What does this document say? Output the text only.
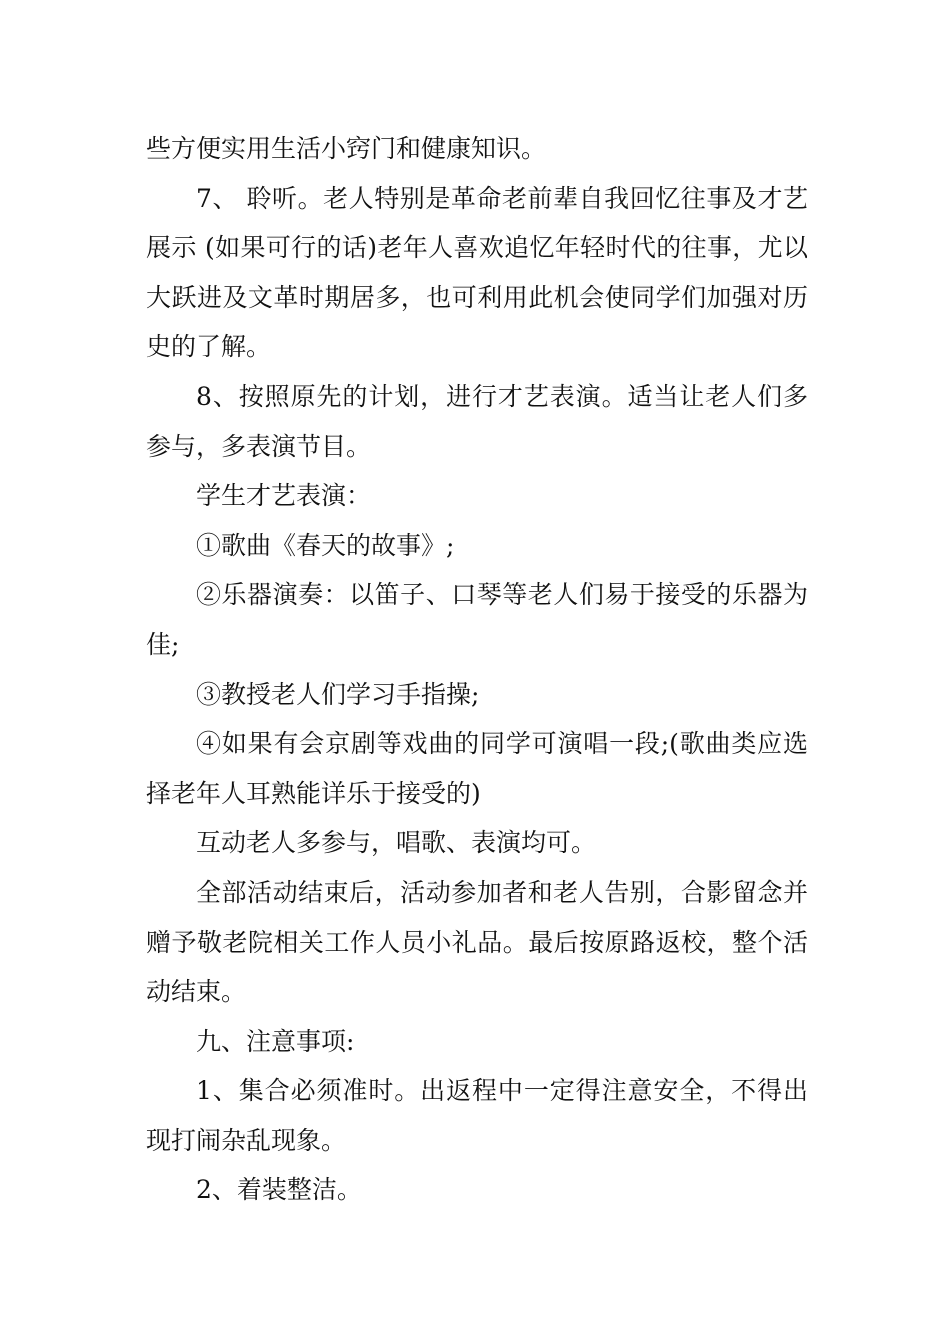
些方便实用生活小窍门和健康知识。

7、 聆听。老人特别是革命老前辈自我回忆往事及才艺展示 (如果可行的话)老年人喜欢追忆年轻时代的往事，尤以大跃进及文革时期居多，也可利用此机会使同学们加强对历史的了解。

8、按照原先的计划，进行才艺表演。适当让老人们多参与，多表演节目。

学生才艺表演：

①歌曲《春天的故事》;

②乐器演奏：以笛子、口琴等老人们易于接受的乐器为佳;

③教授老人们学习手指操;

④如果有会京剧等戏曲的同学可演唱一段;(歌曲类应选择老年人耳熟能详乐于接受的)

互动老人多参与，唱歌、表演均可。

全部活动结束后，活动参加者和老人告别，合影留念并赠予敬老院相关工作人员小礼品。最后按原路返校，整个活动结束。

九、注意事项:

1、集合必须准时。出返程中一定得注意安全，不得出现打闹杂乱现象。

2、着装整洁。
